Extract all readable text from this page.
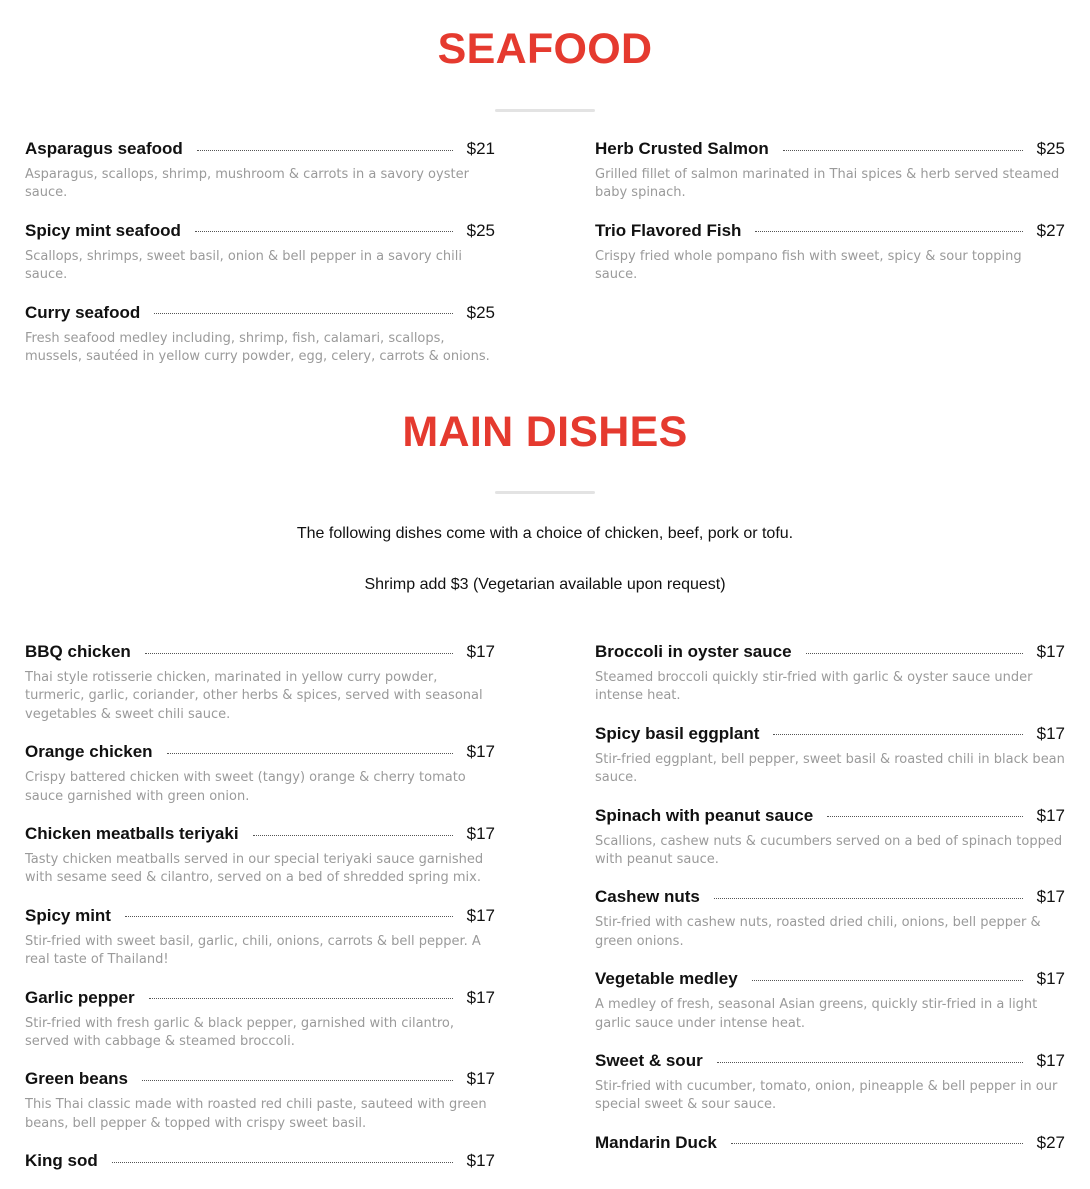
SEAFOOD
Asparagus seafood	$21
Asparagus, scallops, shrimp, mushroom & carrots in a savory oyster sauce.
Spicy mint seafood	$25
Scallops, shrimps, sweet basil, onion & bell pepper in a savory chili sauce.
Curry seafood	$25
Fresh seafood medley including, shrimp, fish, calamari, scallops, mussels, sautéed in yellow curry powder, egg, celery, carrots & onions.
Herb Crusted Salmon	$25
Grilled fillet of salmon marinated in Thai spices & herb served steamed baby spinach.
Trio Flavored Fish	$27
Crispy fried whole pompano fish with sweet, spicy & sour topping sauce.
MAIN DISHES

The following dishes come with a choice of chicken, beef, pork or tofu.

Shrimp add $3 (Vegetarian available upon request)

BBQ chicken	$17
Thai style rotisserie chicken, marinated in yellow curry powder, turmeric, garlic, coriander, other herbs & spices, served with seasonal vegetables & sweet chili sauce.
Orange chicken	$17
Crispy battered chicken with sweet (tangy) orange & cherry tomato sauce garnished with green onion.
Chicken meatballs teriyaki	$17
Tasty chicken meatballs served in our special teriyaki sauce garnished with sesame seed & cilantro, served on a bed of shredded spring mix.
Spicy mint	$17
Stir-fried with sweet basil, garlic, chili, onions, carrots & bell pepper. A real taste of Thailand!
Garlic pepper	$17
Stir-fried with fresh garlic & black pepper, garnished with cilantro, served with cabbage & steamed broccoli.
Green beans	$17
This Thai classic made with roasted red chili paste, sauteed with green beans, bell pepper & topped with crispy sweet basil.
King sod	$17
Broccoli in oyster sauce	$17
Steamed broccoli quickly stir-fried with garlic & oyster sauce under intense heat.
Spicy basil eggplant	$17
Stir-fried eggplant, bell pepper, sweet basil & roasted chili in black bean sauce.
Spinach with peanut sauce	$17
Scallions, cashew nuts & cucumbers served on a bed of spinach topped with peanut sauce.
Cashew nuts	$17
Stir-fried with cashew nuts, roasted dried chili, onions, bell pepper & green onions.
Vegetable medley	$17
A medley of fresh, seasonal Asian greens, quickly stir-fried in a light garlic sauce under intense heat.
Sweet & sour	$17
Stir-fried with cucumber, tomato, onion, pineapple & bell pepper in our special sweet & sour sauce.
Mandarin Duck	$27
